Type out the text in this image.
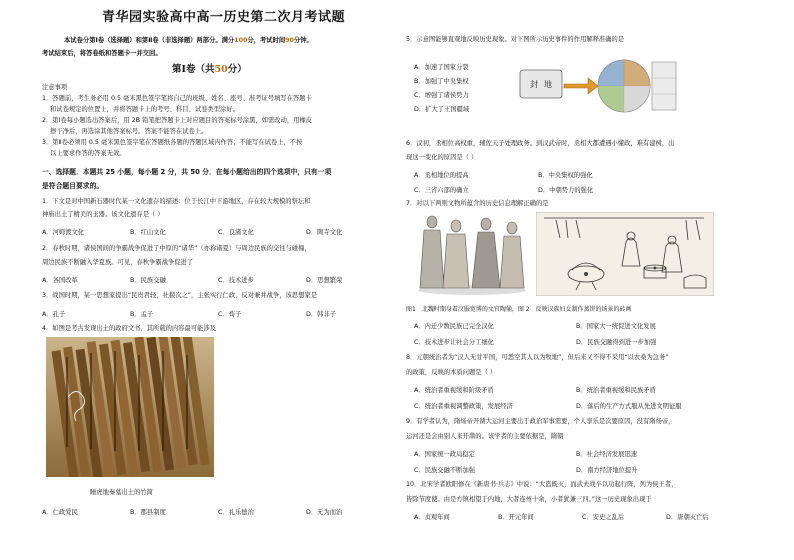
青华园实验高中高一历史第二次月考试题
本试卷分第Ⅰ卷（选择题）和第Ⅱ卷（非选择题）两部分。满分100分，考试时间90分钟。
考试结束后，将答卷纸和答题卡一并交回。
第Ⅰ卷（共50分）
注意事项
1．答题前，考生务必用 0.5 毫米黑色签字笔将自己的班级、姓名、座号、准考证号填写在答题卡
和试卷规定的位置上，并将答题卡上的考号、科目、试卷类型涂好。
2．第Ⅰ卷每小题选出答案后，用 2B 铅笔把答题卡上对应题目的答案标号涂黑，如需改动，用橡皮
擦干净后，再选涂其他答案标号。答案不能答在试卷上。
3．第Ⅱ卷必须用 0.5 毫米黑色签字笔在答题纸各题的答题区域内作答；不能写在试卷上，不按
以上要求作答的答案无效。
一、选择题．本题共 25 小题，每小题 2 分，共 50 分．在每小题给出的四个选项中，只有一项
是符合题目要求的。
1．下文是对中国新石器时代某一文化遗存的描述：位于长江中下游地区，存在较大规模的祭坛和
神庙出土了精美的玉器。该文化遗存是（ ）
A．河姆渡文化	B．红山文化	C．良渚文化	D．陶寺文化
2．春秋时期，诸侯国间的争霸战争促进了中原的“诸华”（亦称诸夏）与周边民族的交往与碰撞，
周边民族不断融入华夏族。可见，春秋争霸战争促进了
A．各国改革	B．民族交融	C．技术进步	D．思想繁荣
3．战国时期，某一思想家提出“民贵君轻，社稷次之”，主张实行仁政，反对兼并战争，该思想家是
A．孔子	B．孟子	C．荀子	D．韩非子
4．如图是考古发现出土的政府文书，其所载的内容最可能涉及
睡虎地秦墓出土的竹简
A．仁政爱民	B．郡县制度	C．礼乐德治	D．无为而治
5．示意图能够直观地反映历史现象。对下图所示历史事件的作用解释准确的是
A．加速了国家分裂
B．加强了中央集权
C．增强了诸侯势力
D．扩大了王国疆域
封 地
6．汉初，丞相位高权重，辅佐天子处理政务。到汉武帝时，丞相大都遭遇小懂政，难有建树，出
现这一变化的原因是（ ）
A．丞相地位的提高	B．中央集权的强化
C．三省六部的确立	D．中朝势力的强化
7．对以下两则文物所蕴含的历史信息理解正确的是
图1　北魏时期身着汉服宽博的文官陶俑，图 2　反映汉族妇女制作蒸饼的场景的砖画
A．内迁少数民族已完全汉化	B．国家大一统促进文化发展
C．技术进步让社会分工细化	D．民族交融得到进一步加强
8．元朝统治者为“汉人无甘平国，可悉空其人以为牧地”，但后来又不得不采用“以农桑为急务”
的政策，反映的本质问题是（ ）
A．统治者重视缓和阶级矛盾	B．统治者重视缓和民族矛盾
C．统治者重视调整政策，发展经济	D．落后的生产方式服从先进文明征服
9．有学者认为，隋炀帝开凿大运河主要出于政治军事需要，个人享乐是次要原因，没有隋炀帝，
运河还是会由别人来开凿的。该学者的主要依据是，隋朝
A．国家统一政局稳定	B．社会经济发展迅速
C．民族交融不断加强	D．南方经济地位提升
10．北宋学者欧阳修在《新唐书·兵志》中说：“大盗既灭，而武夫战卒以功起行阵，列为侯王者，
皆除节度使。由是方镇相望于内地，大者连州十余，小者犹兼三四。”这一历史现象出现于
A．贞观年间	B．开元年间	C．安史之乱后	D．唐朝灭亡后
